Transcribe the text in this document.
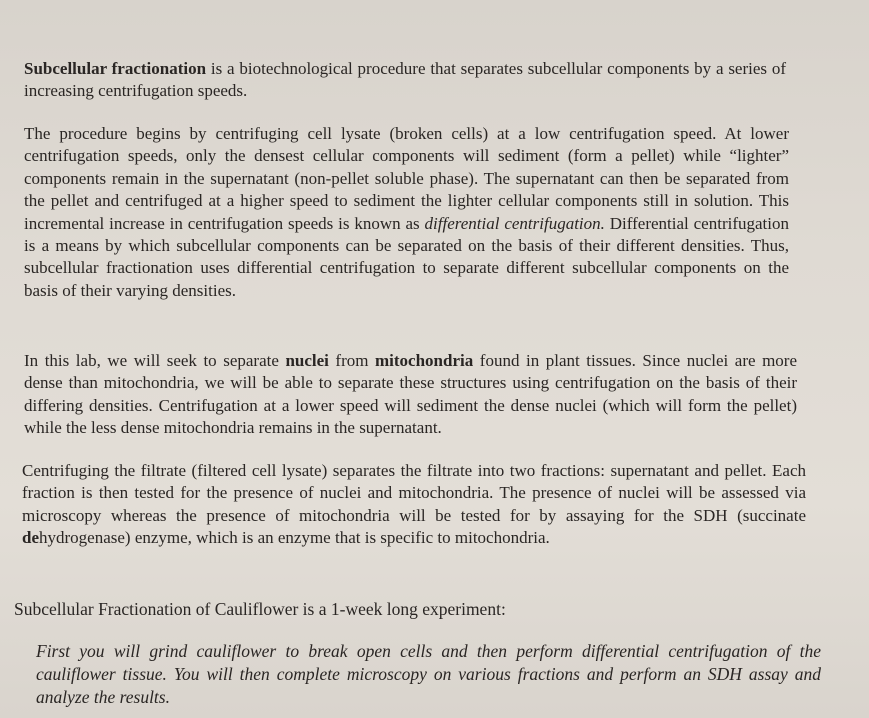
Subcellular fractionation is a biotechnological procedure that separates subcellular components by a series of increasing centrifugation speeds.

The procedure begins by centrifuging cell lysate (broken cells) at a low centrifugation speed. At lower centrifugation speeds, only the densest cellular components will sediment (form a pellet) while “lighter” components remain in the supernatant (non-pellet soluble phase). The supernatant can then be separated from the pellet and centrifuged at a higher speed to sediment the lighter cellular components still in solution. This incremental increase in centrifugation speeds is known as differential centrifugation. Differential centrifugation is a means by which subcellular components can be separated on the basis of their different densities. Thus, subcellular fractionation uses differential centrifugation to separate different subcellular components on the basis of their varying densities.

In this lab, we will seek to separate nuclei from mitochondria found in plant tissues. Since nuclei are more dense than mitochondria, we will be able to separate these structures using centrifugation on the basis of their differing densities. Centrifugation at a lower speed will sediment the dense nuclei (which will form the pellet) while the less dense mitochondria remains in the supernatant.

Centrifuging the filtrate (filtered cell lysate) separates the filtrate into two fractions: supernatant and pellet. Each fraction is then tested for the presence of nuclei and mitochondria. The presence of nuclei will be assessed via microscopy whereas the presence of mitochondria will be tested for by assaying for the SDH (succinate dehydrogenase) enzyme, which is an enzyme that is specific to mitochondria.

Subcellular Fractionation of Cauliflower is a 1-week long experiment:

First you will grind cauliflower to break open cells and then perform differential centrifugation of the cauliflower tissue. You will then complete microscopy on various fractions and perform an SDH assay and analyze the results.
